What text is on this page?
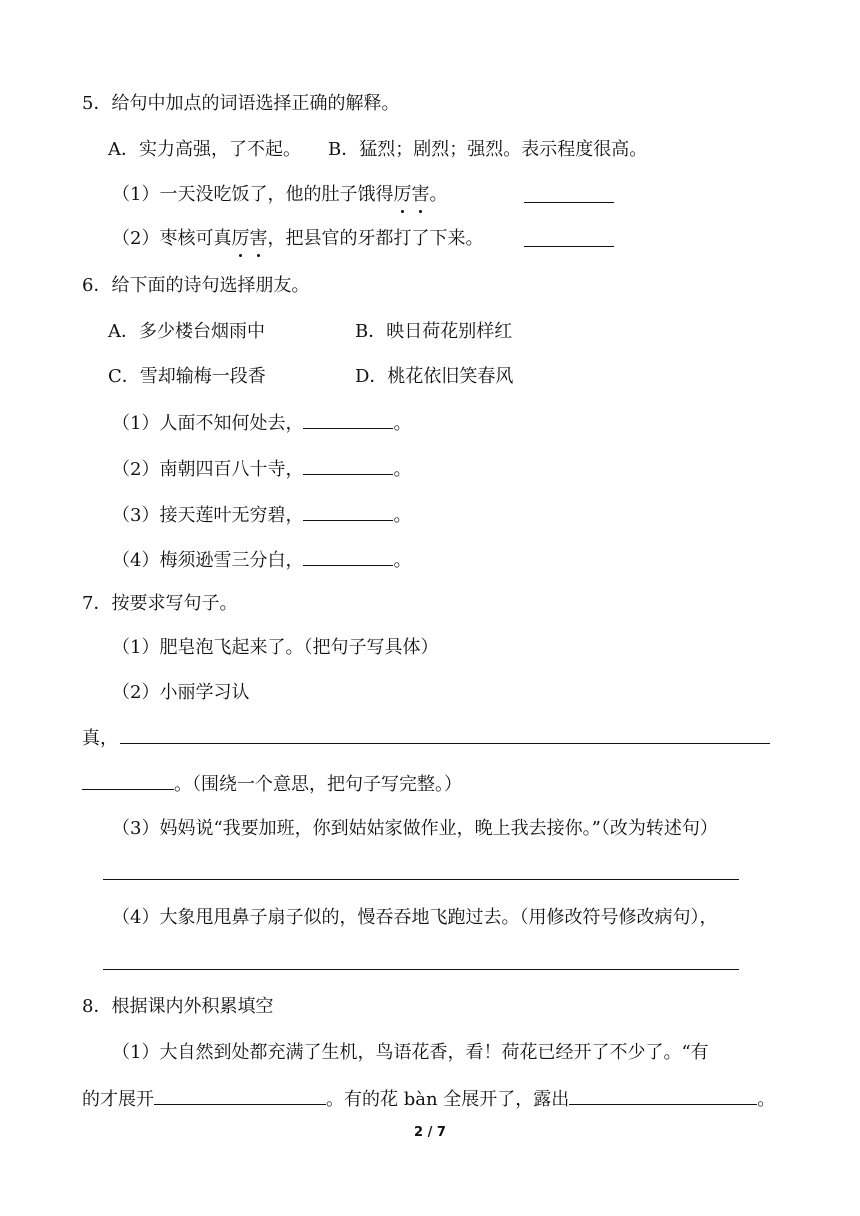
5．给句中加点的词语选择正确的解释。
A．实力高强，了不起。　　B．猛烈；剧烈；强烈。表示程度很高。
（1）一天没吃饭了，他的肚子饿得厉害。
（2）枣核可真厉害，把县官的牙都打了下来。
6．给下面的诗句选择朋友。
A．多少楼台烟雨中	B．映日荷花别样红
C．雪却输梅一段香	D．桃花依旧笑春风
（1）人面不知何处去，	。
（2）南朝四百八十寺，	。
（3）接天莲叶无穷碧，	。
（4）梅须逊雪三分白，	。
7．按要求写句子。
（1）肥皂泡飞起来了。（把句子写具体）
（2）小丽学习认
真，
。（围绕一个意思，把句子写完整。）
（3）妈妈说“我要加班，你到姑姑家做作业，晚上我去接你。”（改为转述句）
（4）大象甩甩鼻子扇子似的，慢吞吞地飞跑过去。（用修改符号修改病句），
8．根据课内外积累填空
（1）大自然到处都充满了生机，鸟语花香，看！荷花已经开了不少了。“有
的才展开	。有的花 bàn 全展开了，露出	。
2 / 7
